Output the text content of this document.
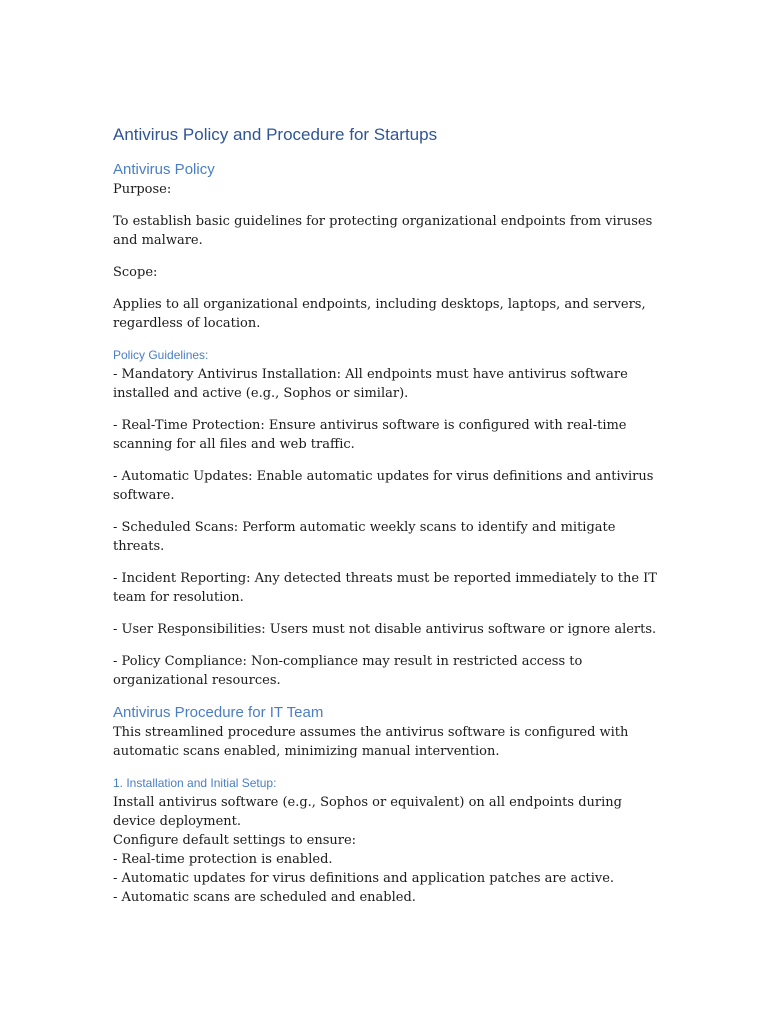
Antivirus Policy and Procedure for Startups
Antivirus Policy

Purpose:

To establish basic guidelines for protecting organizational endpoints from viruses and malware.

Scope:

Applies to all organizational endpoints, including desktops, laptops, and servers, regardless of location.

Policy Guidelines:

- Mandatory Antivirus Installation: All endpoints must have antivirus software installed and active (e.g., Sophos or similar).

- Real-Time Protection: Ensure antivirus software is configured with real-time scanning for all files and web traffic.

- Automatic Updates: Enable automatic updates for virus definitions and antivirus software.

- Scheduled Scans: Perform automatic weekly scans to identify and mitigate threats.

- Incident Reporting: Any detected threats must be reported immediately to the IT team for resolution.

- User Responsibilities: Users must not disable antivirus software or ignore alerts.

- Policy Compliance: Non-compliance may result in restricted access to organizational resources.

Antivirus Procedure for IT Team

This streamlined procedure assumes the antivirus software is configured with automatic scans enabled, minimizing manual intervention.

1. Installation and Initial Setup:

Install antivirus software (e.g., Sophos or equivalent) on all endpoints during device deployment.

Configure default settings to ensure:

- Real-time protection is enabled.

- Automatic updates for virus definitions and application patches are active.

- Automatic scans are scheduled and enabled.
